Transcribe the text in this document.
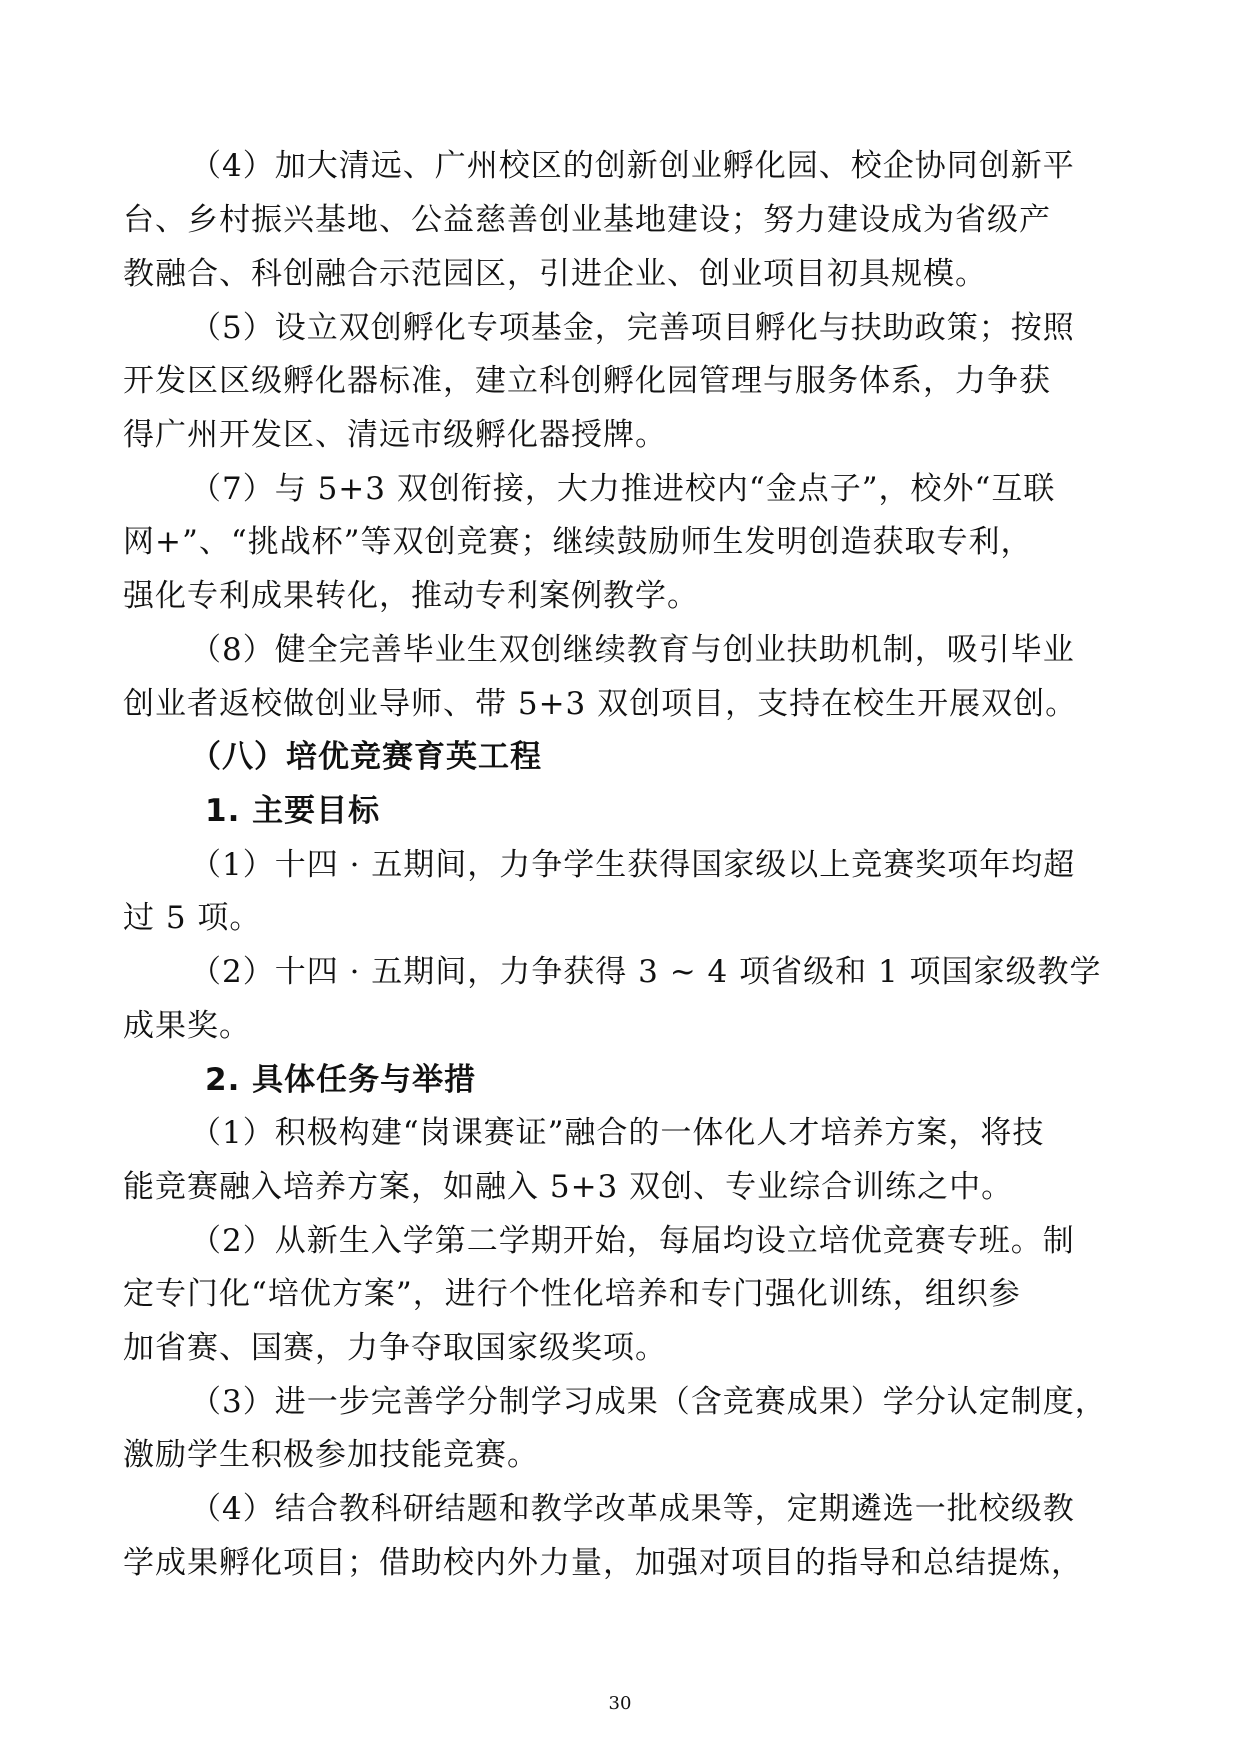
（4）加大清远、广州校区的创新创业孵化园、校企协同创新平
台、乡村振兴基地、公益慈善创业基地建设；努力建设成为省级产
教融合、科创融合示范园区，引进企业、创业项目初具规模。
（5）设立双创孵化专项基金，完善项目孵化与扶助政策；按照
开发区区级孵化器标准，建立科创孵化园管理与服务体系，力争获
得广州开发区、清远市级孵化器授牌。
（7）与 5+3 双创衔接，大力推进校内“金点子”，校外“互联
网+”、“挑战杯”等双创竞赛；继续鼓励师生发明创造获取专利，
强化专利成果转化，推动专利案例教学。
（8）健全完善毕业生双创继续教育与创业扶助机制，吸引毕业
创业者返校做创业导师、带 5+3 双创项目，支持在校生开展双创。
（八）培优竞赛育英工程
1. 主要目标
（1）十四 · 五期间，力争学生获得国家级以上竞赛奖项年均超
过 5 项。
（2）十四 · 五期间，力争获得 3 ~ 4 项省级和 1 项国家级教学
成果奖。
2. 具体任务与举措
（1）积极构建“岗课赛证”融合的一体化人才培养方案，将技
能竞赛融入培养方案，如融入 5+3 双创、专业综合训练之中。
（2）从新生入学第二学期开始，每届均设立培优竞赛专班。制
定专门化“培优方案”，进行个性化培养和专门强化训练，组织参
加省赛、国赛，力争夺取国家级奖项。
（3）进一步完善学分制学习成果（含竞赛成果）学分认定制度，
激励学生积极参加技能竞赛。
（4）结合教科研结题和教学改革成果等，定期遴选一批校级教
学成果孵化项目；借助校内外力量，加强对项目的指导和总结提炼，
30
